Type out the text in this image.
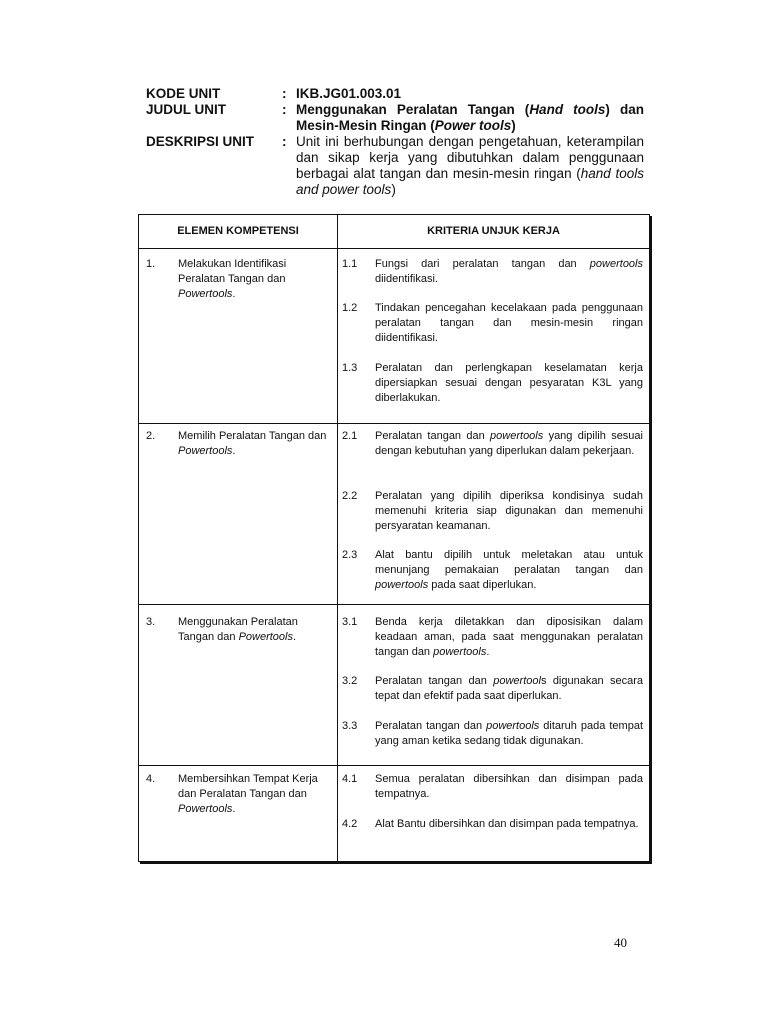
KODE UNIT	: IKB.JG01.003.01
JUDUL UNIT	: Menggunakan Peralatan Tangan (Hand tools) dan Mesin-Mesin Ringan (Power tools)
DESKRIPSI UNIT : Unit ini berhubungan dengan pengetahuan, keterampilan dan sikap kerja yang dibutuhkan dalam penggunaan berbagai alat tangan dan mesin-mesin ringan (hand tools and power tools)
ELEMEN KOMPETENSI	KRITERIA UNJUK KERJA
1. Melakukan Identifikasi Peralatan Tangan dan Powertools.
1.1 Fungsi dari peralatan tangan dan powertools diidentifikasi.
1.2 Tindakan pencegahan kecelakaan pada penggunaan peralatan tangan dan mesin-mesin ringan diidentifikasi.
1.3 Peralatan dan perlengkapan keselamatan kerja dipersiapkan sesuai dengan pesyaratan K3L yang diberlakukan.
2. Memilih Peralatan Tangan dan Powertools.
2.1 Peralatan tangan dan powertools yang dipilih sesuai dengan kebutuhan yang diperlukan dalam pekerjaan.
2.2 Peralatan yang dipilih diperiksa kondisinya sudah memenuhi kriteria siap digunakan dan memenuhi persyaratan keamanan.
2.3 Alat bantu dipilih untuk meletakan atau untuk menunjang pemakaian peralatan tangan dan powertools pada saat diperlukan.
3. Menggunakan Peralatan Tangan dan Powertools.
3.1 Benda kerja diletakkan dan diposisikan dalam keadaan aman, pada saat menggunakan peralatan tangan dan powertools.
3.2 Peralatan tangan dan powertools digunakan secara tepat dan efektif pada saat diperlukan.
3.3 Peralatan tangan dan powertools ditaruh pada tempat yang aman ketika sedang tidak digunakan.
4. Membersihkan Tempat Kerja dan Peralatan Tangan dan Powertools.
4.1 Semua peralatan dibersihkan dan disimpan pada tempatnya.
4.2 Alat Bantu dibersihkan dan disimpan pada tempatnya.
40
